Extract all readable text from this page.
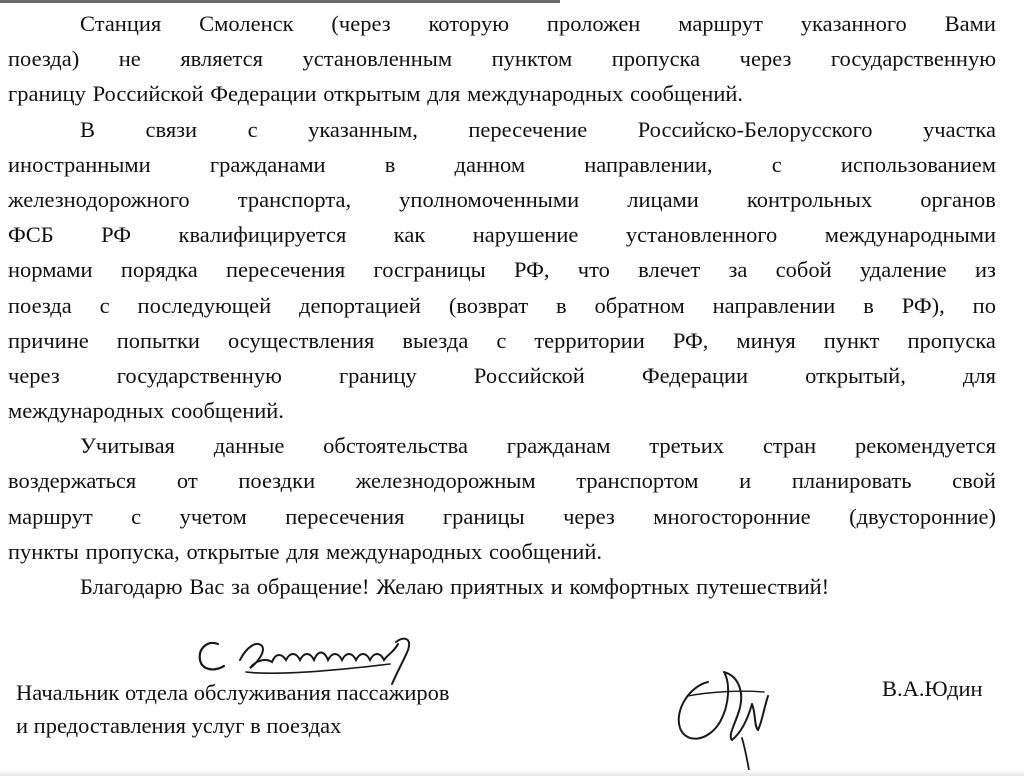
Станция Смоленск (через которую проложен маршрут указанного Вами
поезда) не является установленным пунктом пропуска через государственную
границу Российской Федерации открытым для международных сообщений.
В связи с указанным, пересечение Российско-Белорусского участка
иностранными	гражданами	в	данном	направлении,	с	использованием
железнодорожного транспорта, уполномоченными лицами контрольных органов
ФСБ РФ квалифицируется как нарушение установленного международными
нормами порядка пересечения госграницы РФ, что влечет за собой удаление из
поезда с последующей депортацией (возврат в обратном направлении в РФ), по
причине попытки осуществления выезда с территории РФ, минуя пункт пропуска
через	государственную	границу	Российской	Федерации	открытый,	для
международных сообщений.
Учитывая данные обстоятельства гражданам третьих стран рекомендуется
воздержаться от поездки железнодорожным транспортом и планировать свой
маршрут с учетом пересечения границы через многосторонние (двусторонние)
пункты пропуска, открытые для международных сообщений.
Благодарю Вас за обращение! Желаю приятных и комфортных путешествий!
Начальник отдела обслуживания пассажиров
и предоставления услуг в поездах
В.А.Юдин
